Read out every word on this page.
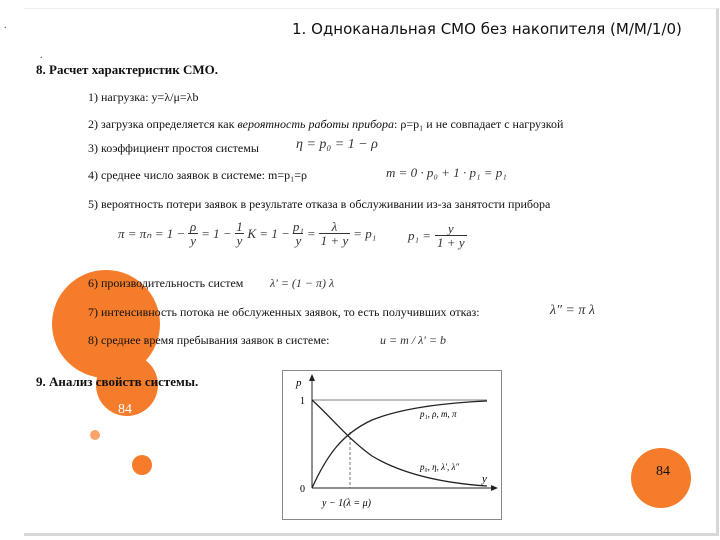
.
.
1. Одноканальная СМО без накопителя (M/M/1/0)
8. Расчет характеристик СМО.
1) нагрузка: y=λ/μ=λb
2) загрузка определяется как вероятность работы прибора: ρ=p₁ и не совпадает с нагрузкой
3) коэффициент простоя системы	η = p₀ = 1 − ρ
4) среднее число заявок в системе: m=p₁=ρ	m = 0 · p₀ + 1 · p₁ = p₁
5) вероятность потери заявок в результате отказа в обслуживании из-за занятости прибора
$\pi = \pi_n = 1 - \frac{\rho}{y} = 1 - \frac{1}{y}$ $K = 1 - \frac{\text{p₁}}{y} = \frac{\lambda}{1 + y} = p_1$ $p_1 = \frac{y}{1 + y}$
6) производительность систем λ′ = (1 − π) λ
7) интенсивность потока не обслуженных заявок, то есть получивших отказ:	λ″ = π λ
8) среднее время пребывания заявок в системе:	u = m / λ′ = b
9. Анализ свойств системы.
84
84
p
1
0
y
p₁, ρ, m, π
p₀, η, λ′, λ″
y − 1(λ = μ)
